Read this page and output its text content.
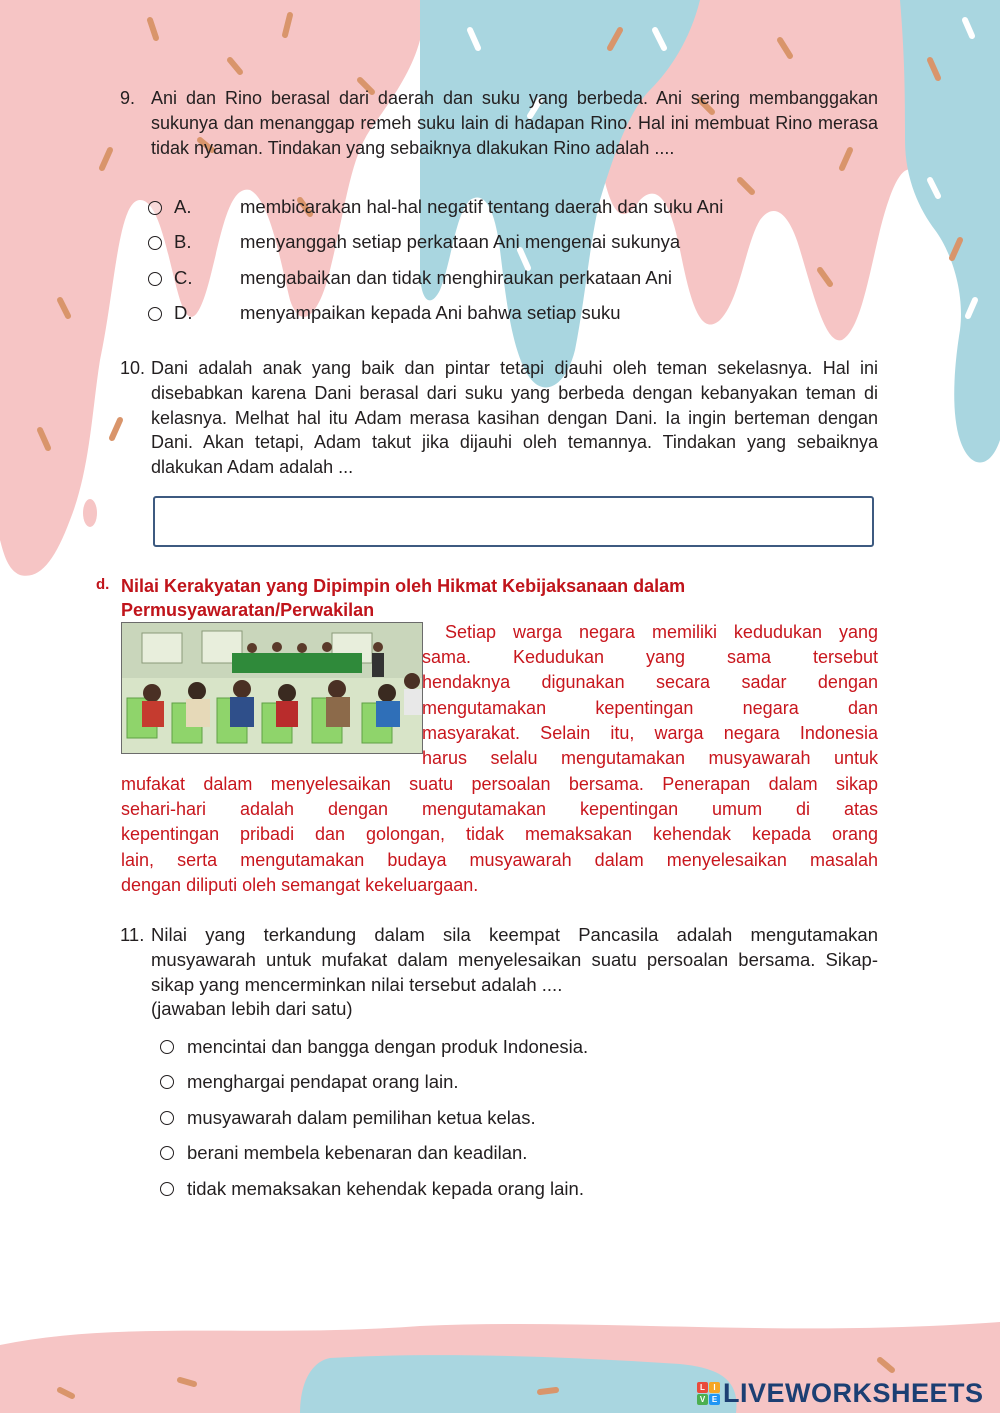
9. Ani dan Rino berasal dari daerah dan suku yang berbeda. Ani sering membanggakan sukunya dan menanggap remeh suku lain di hadapan Rino. Hal ini membuat Rino merasa tidak nyaman. Tindakan yang sebaiknya dlakukan Rino adalah ....
A.	membicarakan hal-hal negatif tentang daerah dan suku Ani
B.	menyanggah setiap perkataan Ani mengenai sukunya
C.	mengabaikan dan tidak menghiraukan perkataan Ani
D.	menyampaikan kepada Ani bahwa setiap suku
10. Dani adalah anak yang baik dan pintar tetapi djauhi oleh teman sekelasnya. Hal ini disebabkan karena Dani berasal dari suku yang berbeda dengan kebanyakan teman di kelasnya. Melhat hal itu Adam merasa kasihan dengan Dani. Ia ingin berteman dengan Dani. Akan tetapi, Adam takut jika dijauhi oleh temannya. Tindakan yang sebaiknya dlakukan Adam adalah ...
d. Nilai Kerakyatan yang Dipimpin oleh Hikmat Kebijaksanaan dalam
Permusyawaratan/Perwakilan
Setiap warga negara memiliki kedudukan yang
sama. Kedudukan yang sama tersebut
hendaknya digunakan secara sadar dengan
mengutamakan kepentingan negara dan
masyarakat. Selain itu, warga negara Indonesia
harus selalu mengutamakan musyawarah untuk
mufakat dalam menyelesaikan suatu persoalan bersama. Penerapan dalam sikap
sehari-hari adalah dengan mengutamakan kepentingan umum di atas
kepentingan pribadi dan golongan, tidak memaksakan kehendak kepada orang
lain, serta mengutamakan budaya musyawarah dalam menyelesaikan masalah
dengan diliputi oleh semangat kekeluargaan.
11. Nilai yang terkandung dalam sila keempat Pancasila adalah mengutamakan musyawarah untuk mufakat dalam menyelesaikan suatu persoalan bersama. Sikap-sikap yang mencerminkan nilai tersebut adalah ....
(jawaban lebih dari satu)
mencintai dan bangga dengan produk Indonesia.
menghargai pendapat orang lain.
musyawarah dalam pemilihan ketua kelas.
berani membela kebenaran dan keadilan.
tidak memaksakan kehendak kepada orang lain.
L	I
V E LIVEWORKSHEETS
